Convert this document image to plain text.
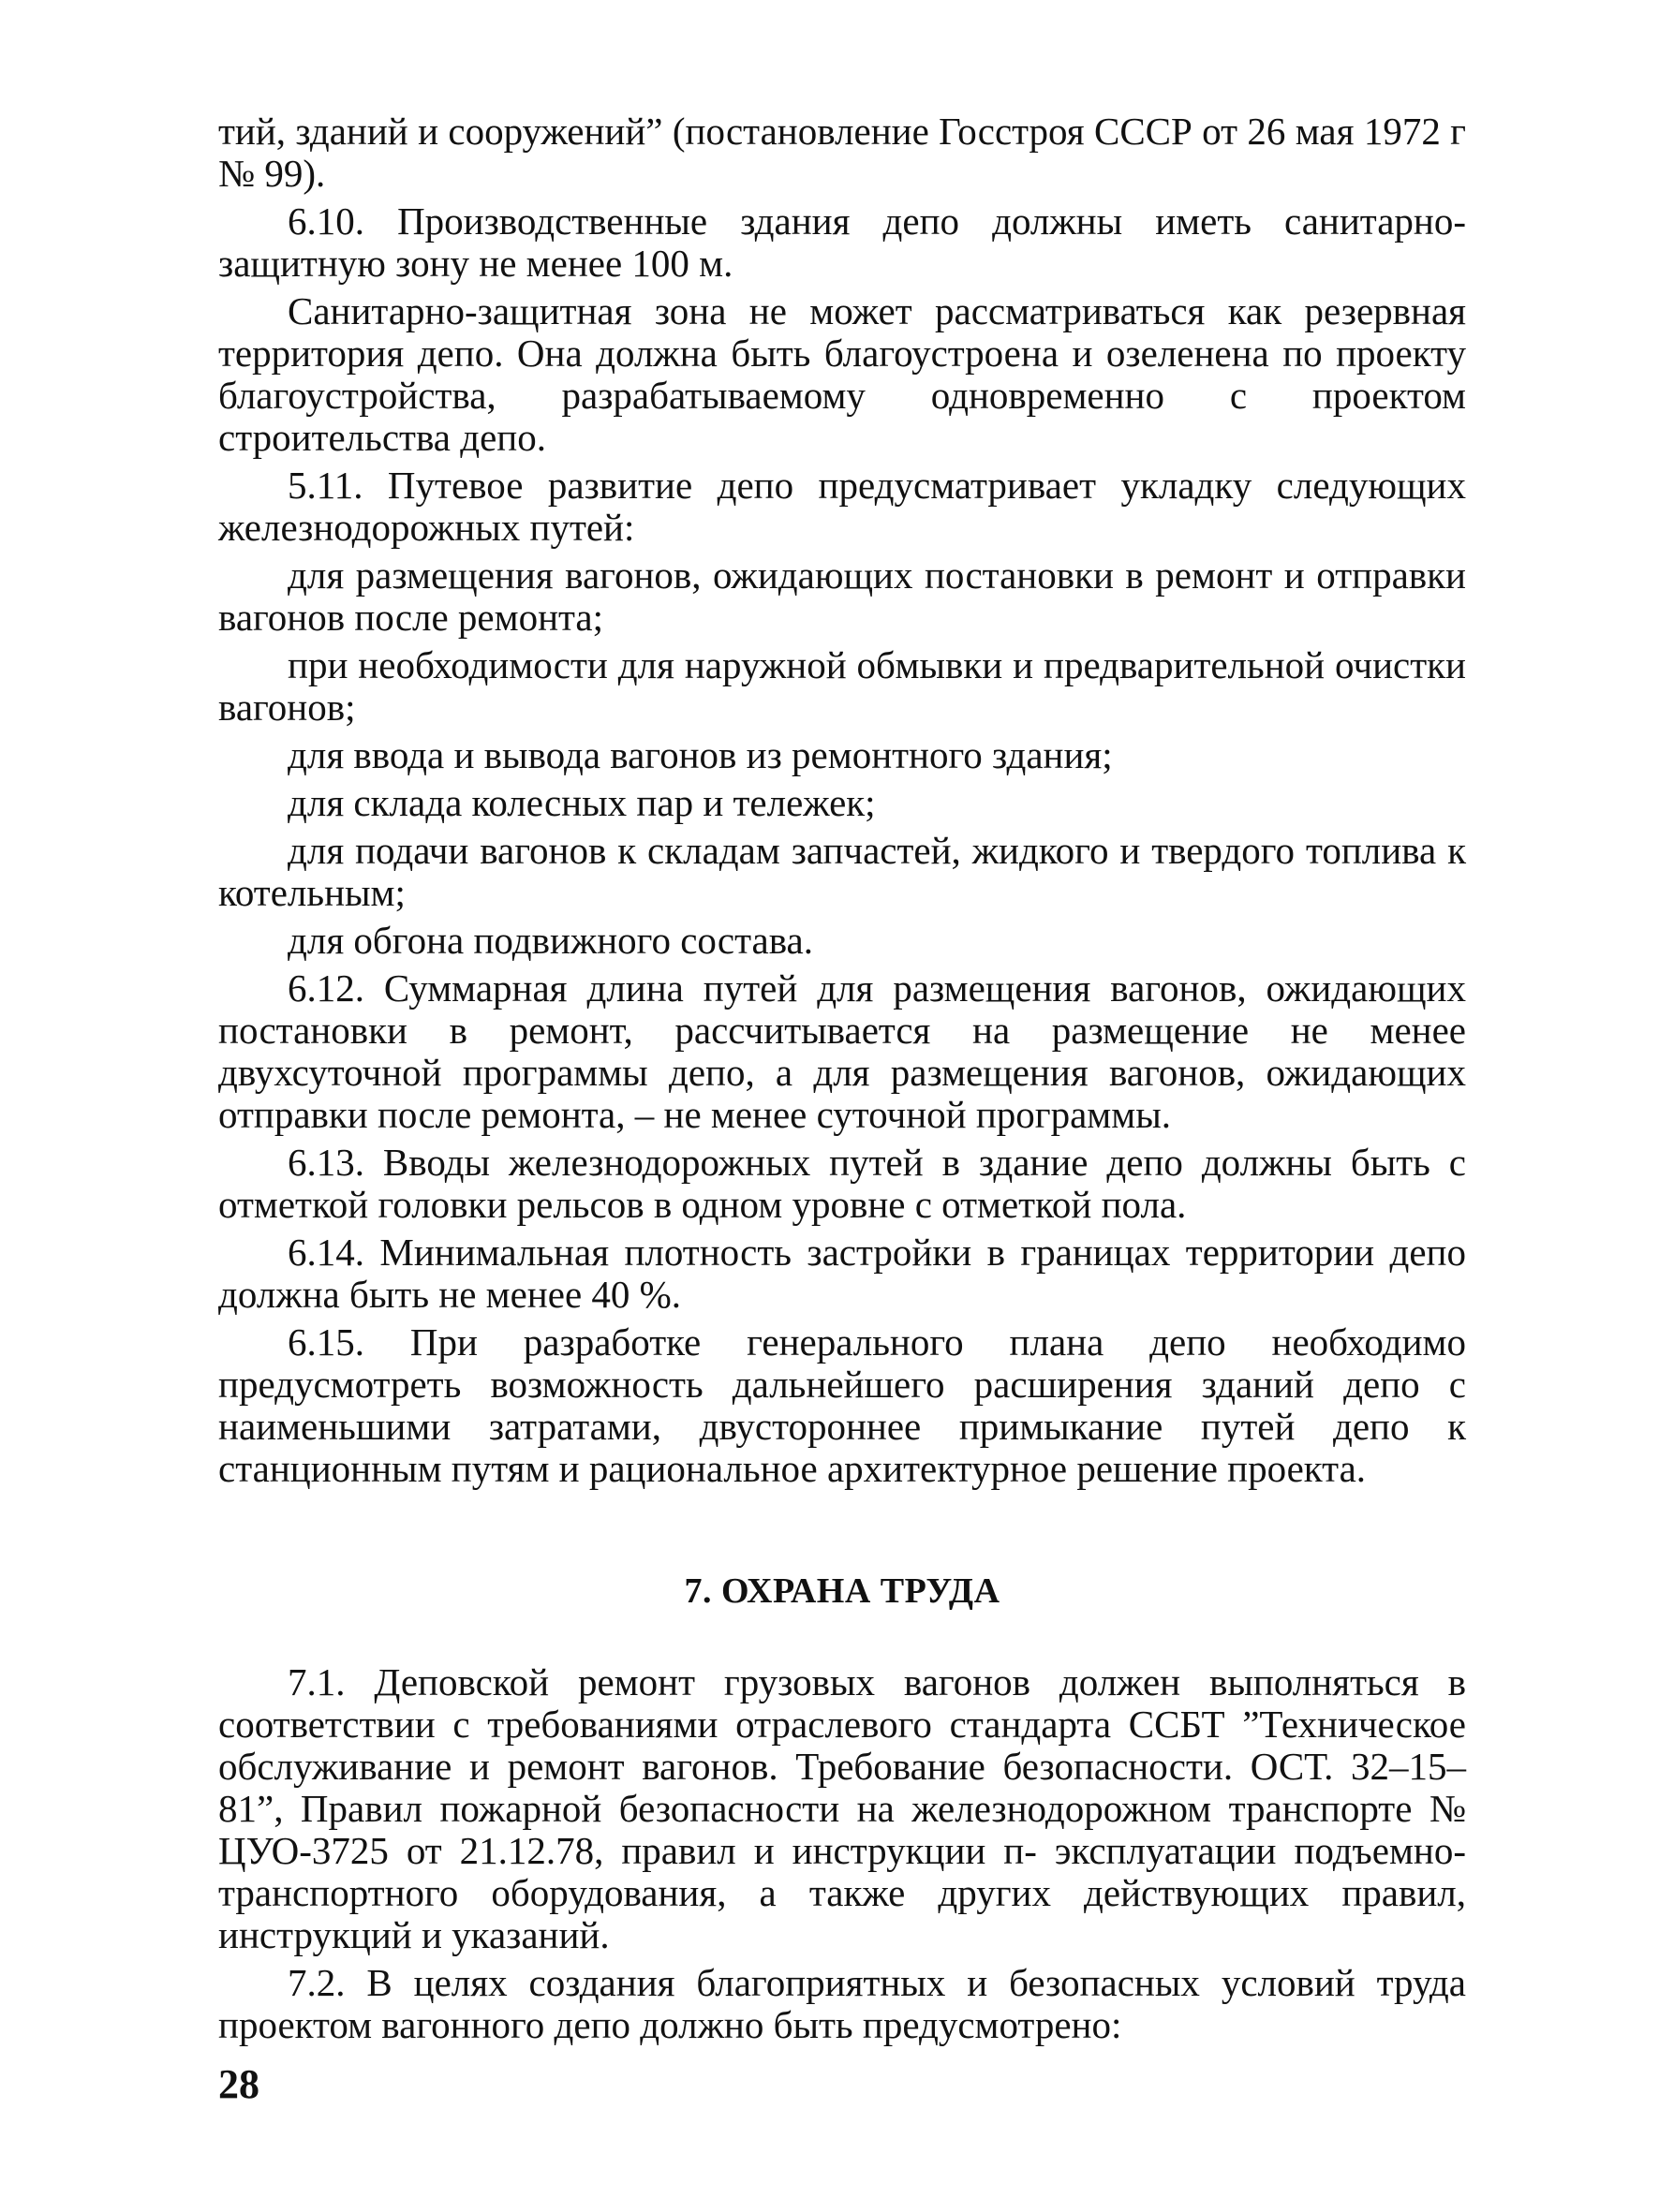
тий, зданий и сооружений” (постановление Госстроя СССР от 26 мая 1972 г № 99).

6.10. Производственные здания депо должны иметь санитарно-защитную зону не менее 100 м.

Санитарно-защитная зона не может рассматриваться как резервная территория депо. Она должна быть благоустроена и озеленена по проекту благоустройства, разрабатываемому одновременно с проектом строительства депо.

5.11. Путевое развитие депо предусматривает укладку следующих железнодорожных путей:

для размещения вагонов, ожидающих постановки в ремонт и отправки вагонов после ремонта;

при необходимости для наружной обмывки и предварительной очистки вагонов;

для ввода и вывода вагонов из ремонтного здания;

для склада колесных пар и тележек;

для подачи вагонов к складам запчастей, жидкого и твердого топлива к котельным;

для обгона подвижного состава.

6.12. Суммарная длина путей для размещения вагонов, ожидающих постановки в ремонт, рассчитывается на размещение не менее двухсуточной программы депо, а для размещения вагонов, ожидающих отправки после ремонта, – не менее суточной программы.

6.13. Вводы железнодорожных путей в здание депо должны быть с отметкой головки рельсов в одном уровне с отметкой пола.

6.14. Минимальная плотность застройки в границах территории депо должна быть не менее 40 %.

6.15. При разработке генерального плана депо необходимо предусмотреть возможность дальнейшего расширения зданий депо с наименьшими затратами, двустороннее примыкание путей депо к станционным путям и рациональное архитектурное решение проекта.

7. ОХРАНА ТРУДА

7.1. Деповской ремонт грузовых вагонов должен выполняться в соответствии с требованиями отраслевого стандарта ССБТ ”Техническое обслуживание и ремонт вагонов. Требование безопасности. ОСТ. 32–15–81”, Правил пожарной безопасности на железнодорожном транспорте № ЦУО-3725 от 21.12.78, правил и инструкции п͏- эксплуатации подъемно-транспортного оборудования, а также других действующих правил, инструкций и указаний.

7.2. В целях создания благоприятных и безопасных условий труда проектом вагонного депо должно быть предусмотрено:

28
